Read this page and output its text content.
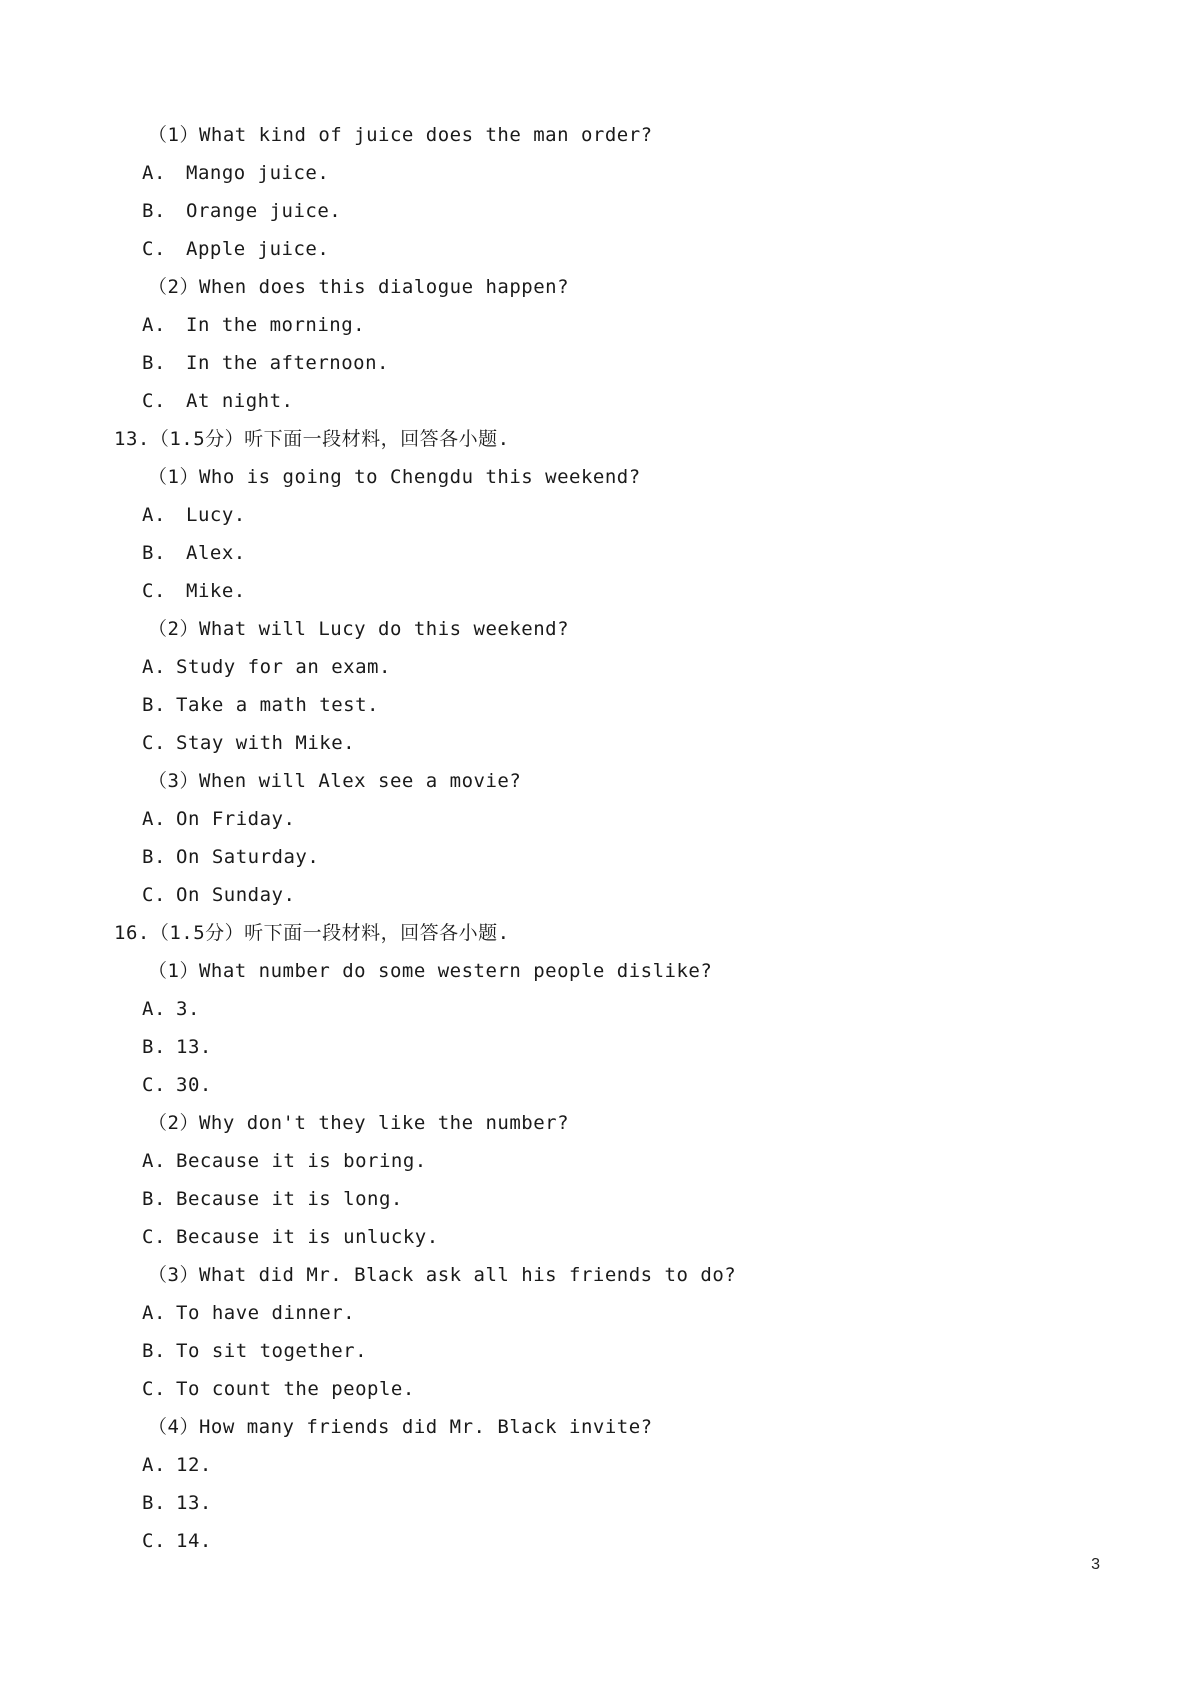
（1）What kind of juice does the man order?
A. Mango juice.
B. Orange juice.
C. Apple juice.
（2）When does this dialogue happen?
A. In the morning.
B. In the afternoon.
C. At night.
13.（1.5分）听下面一段材料，回答各小题.
（1）Who is going to Chengdu this weekend?
A. Lucy.
B. Alex.
C. Mike.
（2）What will Lucy do this weekend?
A. Study for an exam.
B. Take a math test.
C. Stay with Mike.
（3）When will Alex see a movie?
A. On Friday.
B. On Saturday.
C. On Sunday.
16.（1.5分）听下面一段材料，回答各小题.
（1）What number do some western people dislike?
A. 3.
B. 13.
C. 30.
（2）Why don't they like the number?
A. Because it is boring.
B. Because it is long.
C. Because it is unlucky.
（3）What did Mr. Black ask all his friends to do?
A. To have dinner.
B. To sit together.
C. To count the people.
（4）How many friends did Mr. Black invite?
A. 12.
B. 13.
C. 14.
3
